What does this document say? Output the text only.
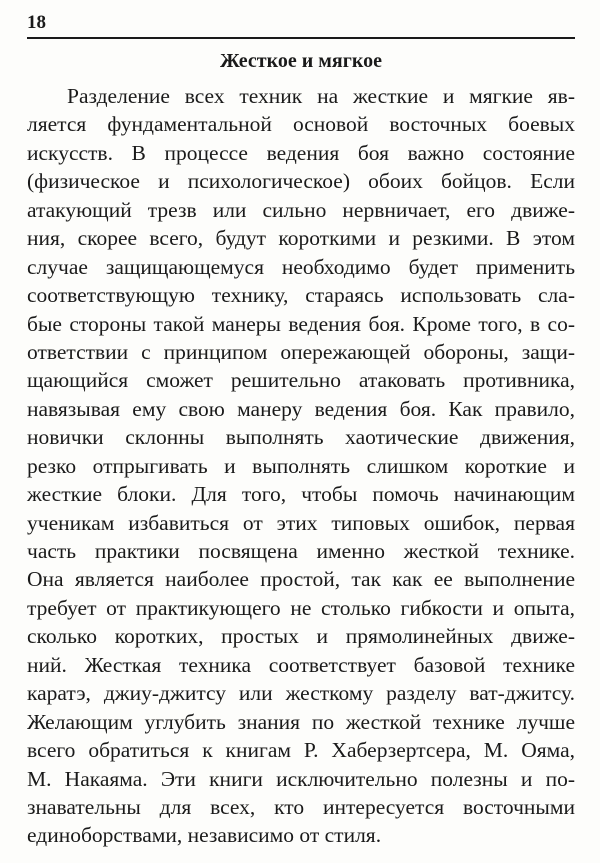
18
Жесткое и мягкое
Разделение всех техник на жесткие и мягкие яв-
ляется фундаментальной основой восточных боевых
искусств. В процессе ведения боя важно состояние
(физическое и психологическое) обоих бойцов. Если
атакующий трезв или сильно нервничает, его движе-
ния, скорее всего, будут короткими и резкими. В этом
случае защищающемуся необходимо будет применить
соответствующую технику, стараясь использовать сла-
бые стороны такой манеры ведения боя. Кроме того, в со-
ответствии с принципом опережающей обороны, защи-
щающийся сможет решительно атаковать противника,
навязывая ему свою манеру ведения боя. Как правило,
новички склонны выполнять хаотические движения,
резко отпрыгивать и выполнять слишком короткие и
жесткие блоки. Для того, чтобы помочь начинающим
ученикам избавиться от этих типовых ошибок, первая
часть практики посвящена именно жесткой технике.
Она является наиболее простой, так как ее выполнение
требует от практикующего не столько гибкости и опыта,
сколько коротких, простых и прямолинейных движе-
ний. Жесткая техника соответствует базовой технике
каратэ, джиу-джитсу или жесткому разделу ват-джитсу.
Желающим углубить знания по жесткой технике лучше
всего обратиться к книгам Р. Хаберзертсера, М. Ояма,
М. Накаяма. Эти книги исключительно полезны и по-
знавательны для всех, кто интересуется восточными
единоборствами, независимо от стиля.
